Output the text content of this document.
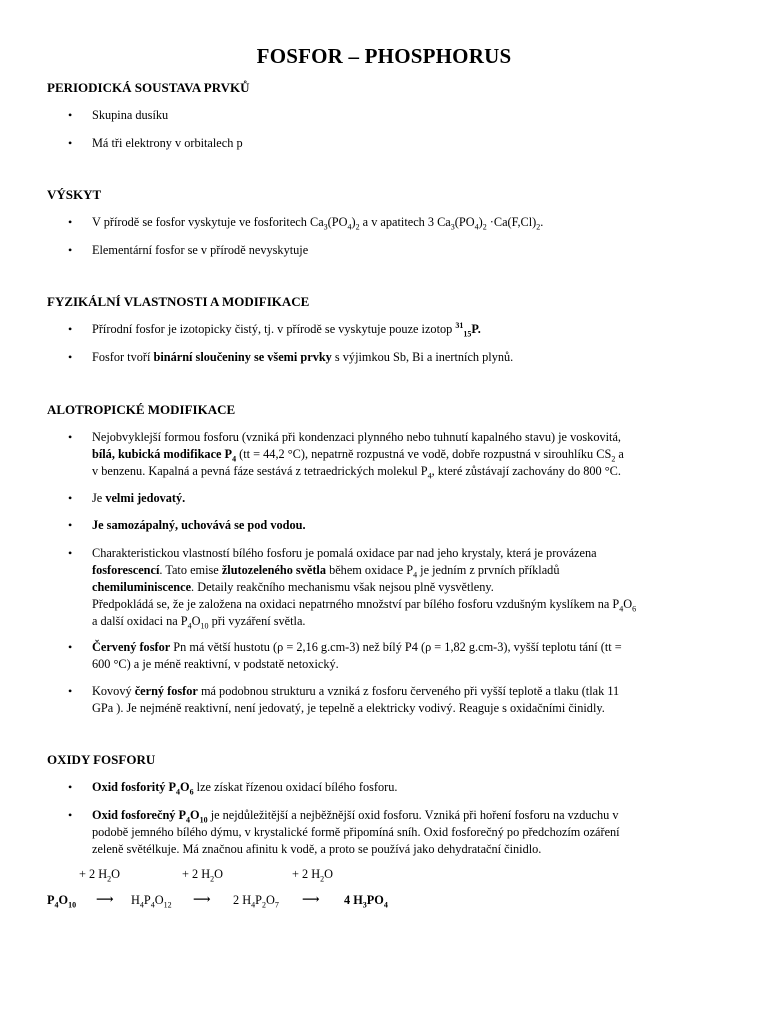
FOSFOR – PHOSPHORUS
PERIODICKÁ SOUSTAVA PRVKŮ
• Skupina dusíku
• Má tři elektrony v orbitalech p
VÝSKYT
• V přírodě se fosfor vyskytuje ve fosforitech $Ca_3(PO_4)_2$ a v apatitech 3 $Ca_3(PO_4)_2 \cdot Ca(F,Cl)_2$.
• Elementární fosfor se v přírodě nevyskytuje
FYZIKÁLNÍ VLASTNOSTI A MODIFIKACE
• Přírodní fosfor je izotopicky čistý, tj. v přírodě se vyskytuje pouze izotop $^{31}_{15}$P.
• Fosfor tvoří binární sloučeniny se všemi prvky s výjimkou Sb, Bi a inertních plynů.
ALOTROPICKÉ MODIFIKACE
• Nejobvyklejší formou fosforu (vzniká při kondenzaci plynného nebo tuhnutí kapalného stavu) je voskovitá,
bílá, kubická modifikace $P_4$ (tt = 44,2 °C), nepatrně rozpustná ve vodě, dobře rozpustná v sirouhlíku $CS_2$ a
v benzenu. Kapalná a pevná fáze sestává z tetraedrických molekul $P_4$, které zůstávají zachovány do 800 °C.
• Je velmi jedovatý.
• Je samozápalný, uchovává se pod vodou.
• Charakteristickou vlastností bílého fosforu je pomalá oxidace par nad jeho krystaly, která je provázena
fosforescencí. Tato emise žlutozeleného světla během oxidace $P_4$ je jedním z prvních příkladů
chemiluminiscence. Detaily reakčního mechanismu však nejsou plně vysvětleny.
Předpokládá se, že je založena na oxidaci nepatrného množství par bílého fosforu vzdušným kyslíkem na $P_4O_6$
a další oxidaci na $P_4O_{10}$ při vyzáření světla.
• Červený fosfor Pn má větší hustotu (ρ = 2,16 g.cm-3) než bílý P4 (ρ = 1,82 g.cm-3), vyšší teplotu tání (tt =
600 °C) a je méně reaktivní, v podstatě netoxický.
• Kovový černý fosfor má podobnou strukturu a vzniká z fosforu červeného při vyšší teplotě a tlaku (tlak 11
GPa ). Je nejméně reaktivní, není jedovatý, je tepelně a elektricky vodivý. Reaguje s oxidačními činidly.
OXIDY FOSFORU
• Oxid fosforitý $P_4O_6$ lze získat řízenou oxidací bílého fosforu.
• Oxid fosforečný $P_4O_{10}$ je nejdůležitější a nejběžnější oxid fosforu. Vzniká při hoření fosforu na vzduchu v
podobě jemného bílého dýmu, v krystalické formě připomíná sníh. Oxid fosforečný po předchozím ozáření
zeleně světélkuje. Má značnou afinitu k vodě, a proto se používá jako dehydratační činidlo.
+ 2 $H_2O$	+ 2 $H_2O$	+ 2 $H_2O$
$P_4O_{10}$ ⟶ $H_4P_4O_{12}$ ⟶ 2 $H_4P_2O_7$ ⟶ 4 $H_3PO_4$
